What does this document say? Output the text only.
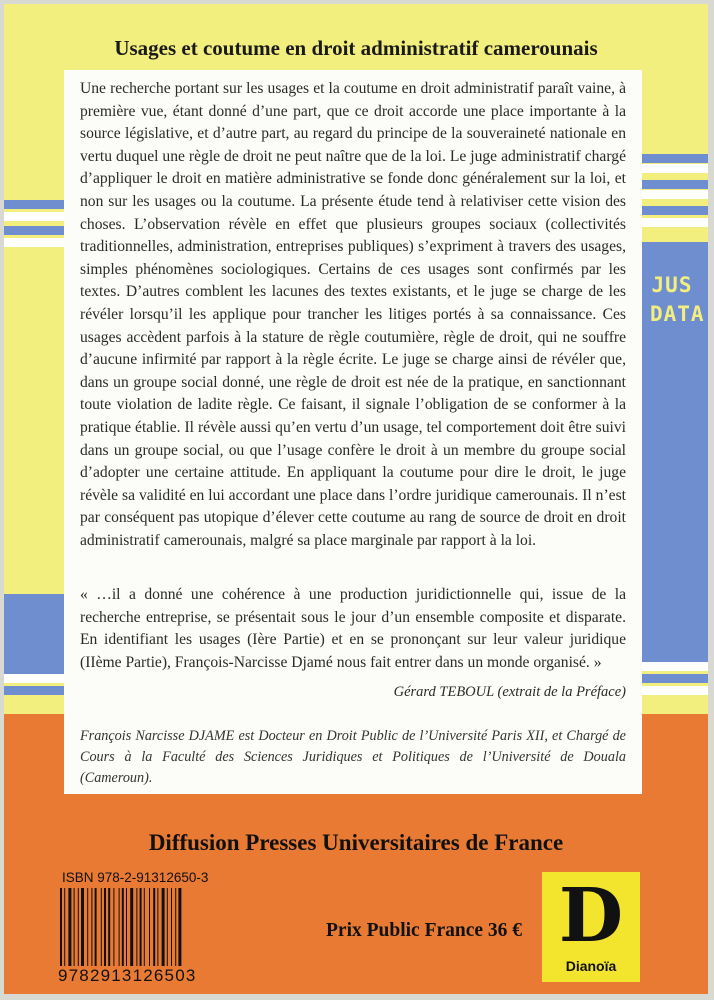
Usages et coutume en droit administratif camerounais

Une recherche portant sur les usages et la coutume en droit administratif paraît vaine, à première vue, étant donné d’une part, que ce droit accorde une place importante à la source législative, et d’autre part, au regard du principe de la souveraineté nationale en vertu duquel une règle de droit ne peut naître que de la loi. Le juge administratif chargé d’appliquer le droit en matière administrative se fonde donc généralement sur la loi, et non sur les usages ou la coutume. La présente étude tend à relativiser cette vision des choses. L’observation révèle en effet que plusieurs groupes sociaux (collectivités traditionnelles, administration, entreprises publiques) s’expriment à travers des usages, simples phénomènes sociologiques. Certains de ces usages sont confirmés par les textes. D’autres comblent les lacunes des textes existants, et le juge se charge de les révéler lorsqu’il les applique pour trancher les litiges portés à sa connaissance. Ces usages accèdent parfois à la stature de règle coutumière, règle de droit, qui ne souffre d’aucune infirmité par rapport à la règle écrite. Le juge se charge ainsi de révéler que, dans un groupe social donné, une règle de droit est née de la pratique, en sanctionnant toute violation de ladite règle. Ce faisant, il signale l’obligation de se conformer à la pratique établie. Il révèle aussi qu’en vertu d’un usage, tel comportement doit être suivi dans un groupe social, ou que l’usage confère le droit à un membre du groupe social d’adopter une certaine attitude. En appliquant la coutume pour dire le droit, le juge révèle sa validité en lui accordant une place dans l’ordre juridique camerounais. Il n’est par conséquent pas utopique d’élever cette coutume au rang de source de droit en droit administratif camerounais, malgré sa place marginale par rapport à la loi.

« …il a donné une cohérence à une production juridictionnelle qui, issue de la recherche entreprise, se présentait sous le jour d’un ensemble composite et disparate. En identifiant les usages (Ière Partie) et en se prononçant sur leur valeur juridique (IIème Partie), François-Narcisse Djamé nous fait entrer dans un monde organisé. »

Gérard TEBOUL (extrait de la Préface)

François Narcisse DJAME est Docteur en Droit Public de l’Université Paris XII, et Chargé de Cours à la Faculté des Sciences Juridiques et Politiques de l’Université de Douala (Cameroun).

JUS
DATA
Diffusion Presses Universitaires de France
ISBN 978-2-91312650-3
9782913126503
Prix Public France 36 € D
Dianoïa
